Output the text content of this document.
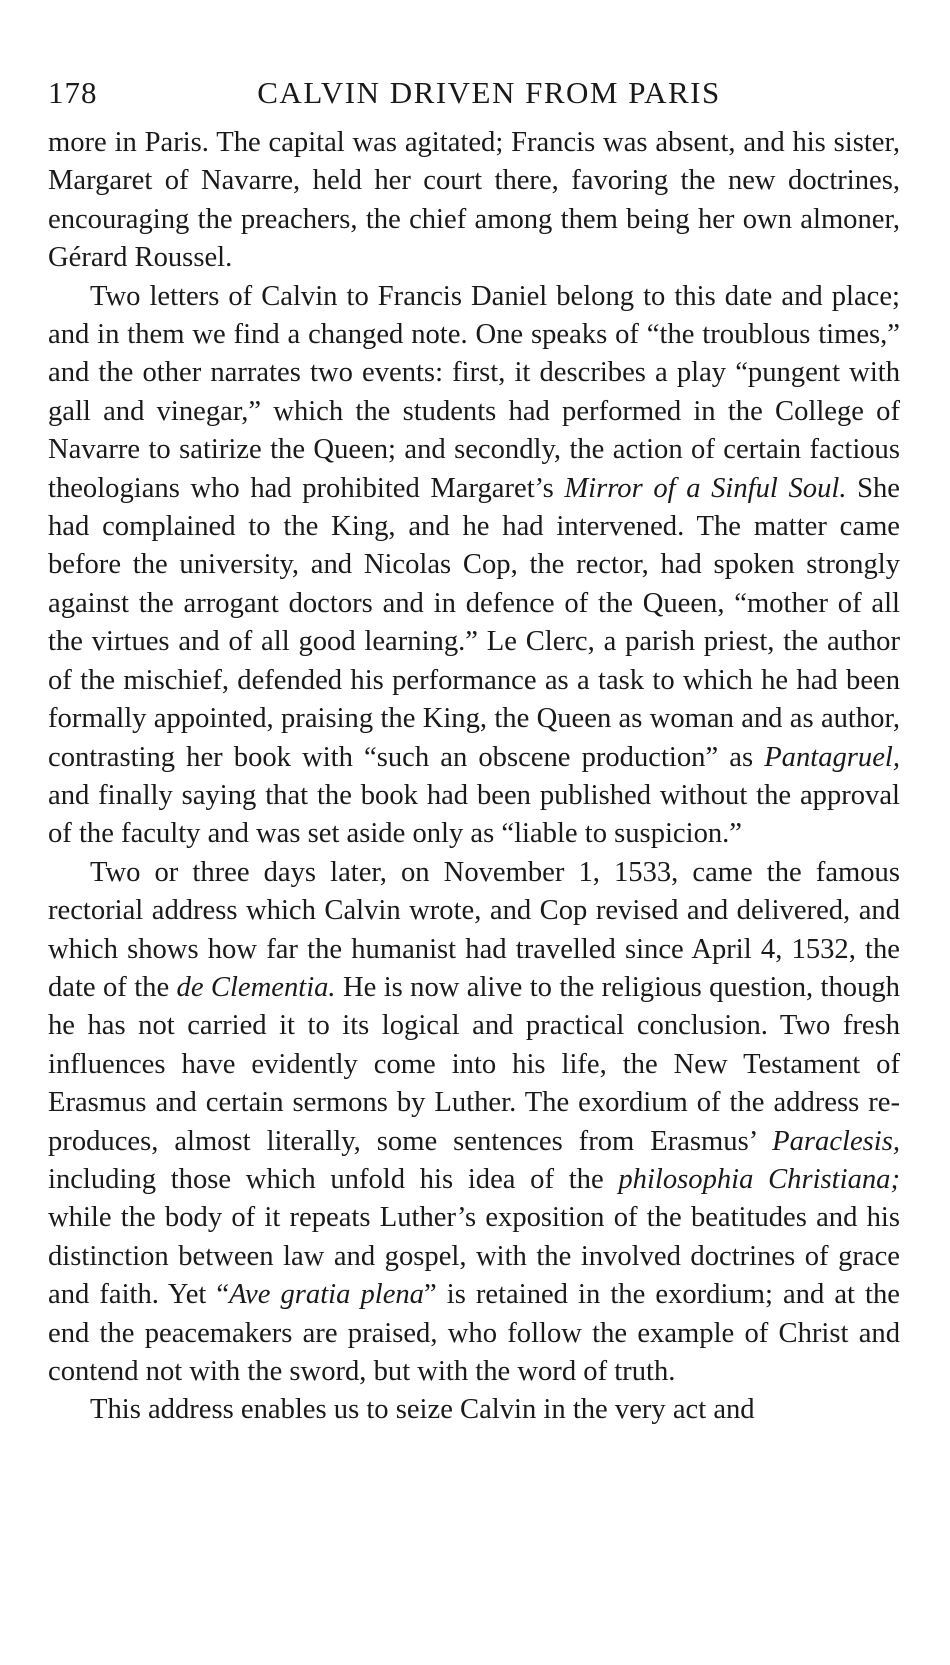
178	CALVIN DRIVEN FROM PARIS

more in Paris. The capital was agitated; Francis was absent, and his sister, Margaret of Navarre, held her court there, favoring the new doctrines, encouraging the preachers, the chief among them being her own almoner, Gérard Roussel.

Two letters of Calvin to Francis Daniel belong to this date and place; and in them we find a changed note. One speaks of “the troublous times,” and the other narrates two events: first, it describes a play “pungent with gall and vinegar,” which the students had performed in the College of Navarre to satirize the Queen; and secondly, the action of certain factious theologians who had prohibited Margaret’s Mirror of a Sinful Soul. She had complained to the King, and he had intervened. The matter came before the university, and Nicolas Cop, the rector, had spoken strongly against the arrogant doctors and in defence of the Queen, “mother of all the virtues and of all good learning.” Le Clerc, a parish priest, the author of the mischief, defended his performance as a task to which he had been formally appointed, praising the King, the Queen as woman and as author, contrasting her book with “such an obscene production” as Pantagruel, and finally saying that the book had been published without the approval of the faculty and was set aside only as “liable to suspicion.”

Two or three days later, on November 1, 1533, came the famous rectorial address which Calvin wrote, and Cop revised and delivered, and which shows how far the humanist had travelled since April 4, 1532, the date of the de Clementia. He is now alive to the religious question, though he has not carried it to its logical and practical conclusion. Two fresh influences have evidently come into his life, the New Testament of Erasmus and certain sermons by Luther. The exordium of the address reproduces, almost literally, some sentences from Erasmus’ Paraclesis, including those which unfold his idea of the philosophia Christiana; while the body of it repeats Luther’s exposition of the beatitudes and his distinction between law and gospel, with the involved doctrines of grace and faith. Yet “Ave gratia plena” is retained in the exordium; and at the end the peacemakers are praised, who follow the example of Christ and contend not with the sword, but with the word of truth.

This address enables us to seize Calvin in the very act and
